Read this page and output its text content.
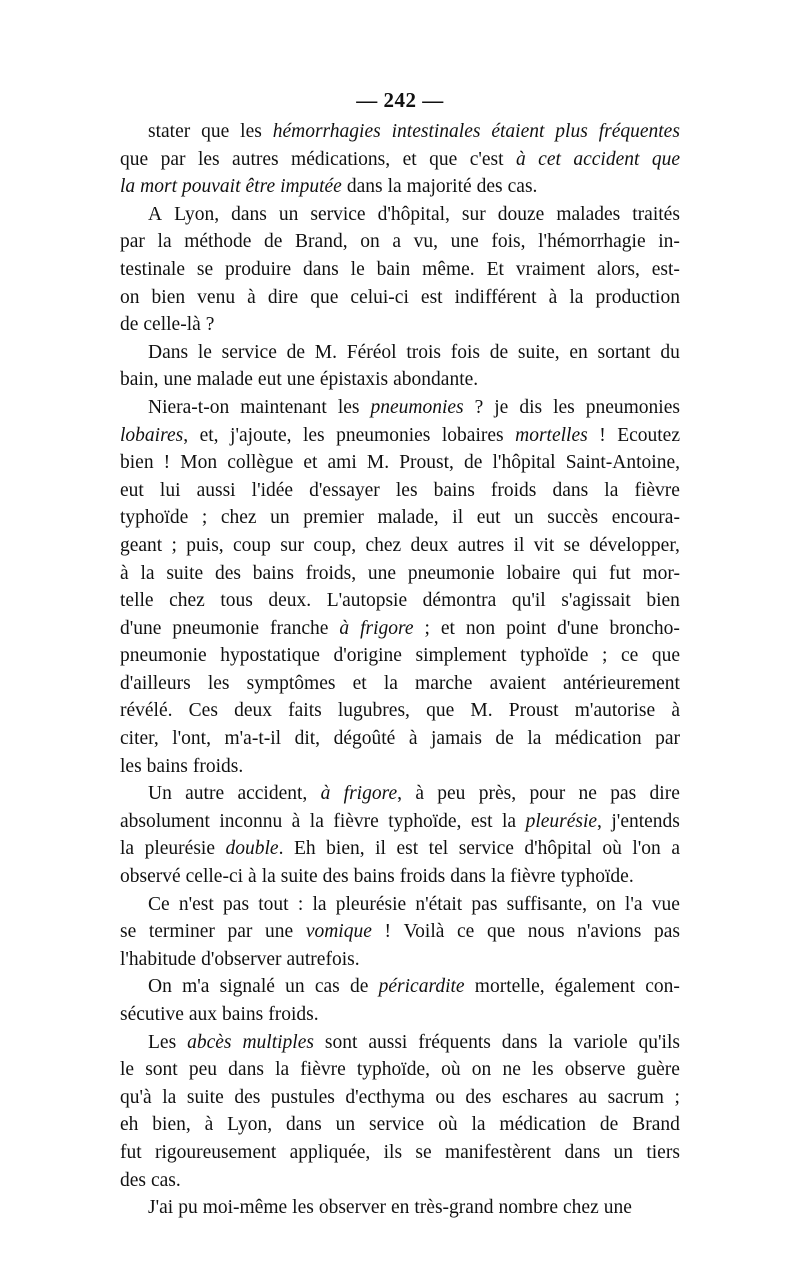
— 242 —
stater que les hémorrhagies intestinales étaient plus fréquentes
que par les autres médications, et que c'est à cet accident que
la mort pouvait être imputée dans la majorité des cas.
A Lyon, dans un service d'hôpital, sur douze malades traités
par la méthode de Brand, on a vu, une fois, l'hémorrhagie in-
testinale se produire dans le bain même. Et vraiment alors, est-
on bien venu à dire que celui-ci est indifférent à la production
de celle-là ?
Dans le service de M. Féréol trois fois de suite, en sortant du
bain, une malade eut une épistaxis abondante.
Niera-t-on maintenant les pneumonies ? je dis les pneumonies
lobaires, et, j'ajoute, les pneumonies lobaires mortelles ! Ecoutez
bien ! Mon collègue et ami M. Proust, de l'hôpital Saint-Antoine,
eut lui aussi l'idée d'essayer les bains froids dans la fièvre
typhoïde ; chez un premier malade, il eut un succès encoura-
geant ; puis, coup sur coup, chez deux autres il vit se développer,
à la suite des bains froids, une pneumonie lobaire qui fut mor-
telle chez tous deux. L'autopsie démontra qu'il s'agissait bien
d'une pneumonie franche à frigore ; et non point d'une broncho-
pneumonie hypostatique d'origine simplement typhoïde ; ce que
d'ailleurs les symptômes et la marche avaient antérieurement
révélé. Ces deux faits lugubres, que M. Proust m'autorise à
citer, l'ont, m'a-t-il dit, dégoûté à jamais de la médication par
les bains froids.
Un autre accident, à frigore, à peu près, pour ne pas dire
absolument inconnu à la fièvre typhoïde, est la pleurésie, j'entends
la pleurésie double. Eh bien, il est tel service d'hôpital où l'on a
observé celle-ci à la suite des bains froids dans la fièvre typhoïde.
Ce n'est pas tout : la pleurésie n'était pas suffisante, on l'a vue
se terminer par une vomique ! Voilà ce que nous n'avions pas
l'habitude d'observer autrefois.
On m'a signalé un cas de péricardite mortelle, également con-
sécutive aux bains froids.
Les abcès multiples sont aussi fréquents dans la variole qu'ils
le sont peu dans la fièvre typhoïde, où on ne les observe guère
qu'à la suite des pustules d'ecthyma ou des eschares au sacrum ;
eh bien, à Lyon, dans un service où la médication de Brand
fut rigoureusement appliquée, ils se manifestèrent dans un tiers
des cas.
J'ai pu moi-même les observer en très-grand nombre chez une
